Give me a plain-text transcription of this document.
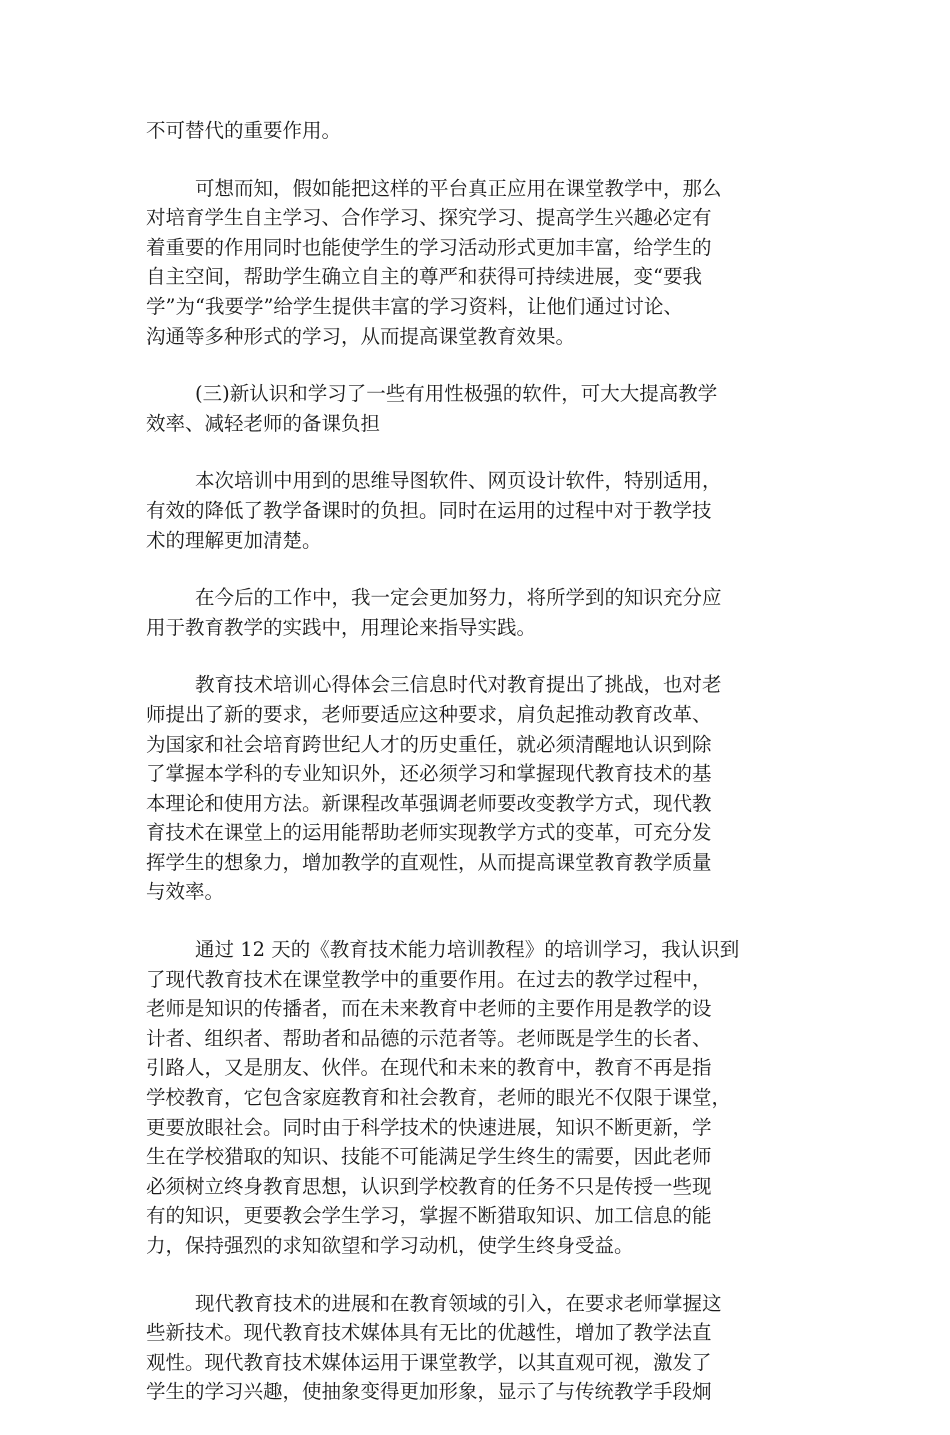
不可替代的重要作用。

可想而知，假如能把这样的平台真正应用在课堂教学中，那么
对培育学生自主学习、合作学习、探究学习、提高学生兴趣必定有
着重要的作用同时也能使学生的学习活动形式更加丰富，给学生的
自主空间，帮助学生确立自主的尊严和获得可持续进展，变“要我
学”为“我要学”给学生提供丰富的学习资料，让他们通过讨论、
沟通等多种形式的学习，从而提高课堂教育效果。

(三)新认识和学习了一些有用性极强的软件，可大大提高教学
效率、减轻老师的备课负担

本次培训中用到的思维导图软件、网页设计软件，特别适用，
有效的降低了教学备课时的负担。同时在运用的过程中对于教学技
术的理解更加清楚。

在今后的工作中，我一定会更加努力，将所学到的知识充分应
用于教育教学的实践中，用理论来指导实践。

教育技术培训心得体会三信息时代对教育提出了挑战，也对老
师提出了新的要求，老师要适应这种要求，肩负起推动教育改革、
为国家和社会培育跨世纪人才的历史重任，就必须清醒地认识到除
了掌握本学科的专业知识外，还必须学习和掌握现代教育技术的基
本理论和使用方法。新课程改革强调老师要改变教学方式，现代教
育技术在课堂上的运用能帮助老师实现教学方式的变革，可充分发
挥学生的想象力，增加教学的直观性，从而提高课堂教育教学质量
与效率。

通过 12 天的《教育技术能力培训教程》的培训学习，我认识到
了现代教育技术在课堂教学中的重要作用。在过去的教学过程中，
老师是知识的传播者，而在未来教育中老师的主要作用是教学的设
计者、组织者、帮助者和品德的示范者等。老师既是学生的长者、
引路人，又是朋友、伙伴。在现代和未来的教育中，教育不再是指
学校教育，它包含家庭教育和社会教育，老师的眼光不仅限于课堂，
更要放眼社会。同时由于科学技术的快速进展，知识不断更新，学
生在学校猎取的知识、技能不可能满足学生终生的需要，因此老师
必须树立终身教育思想，认识到学校教育的任务不只是传授一些现
有的知识，更要教会学生学习，掌握不断猎取知识、加工信息的能
力，保持强烈的求知欲望和学习动机，使学生终身受益。

现代教育技术的进展和在教育领域的引入，在要求老师掌握这
些新技术。现代教育技术媒体具有无比的优越性，增加了教学法直
观性。现代教育技术媒体运用于课堂教学，以其直观可视，激发了
学生的学习兴趣，使抽象变得更加形象，显示了与传统教学手段炯
